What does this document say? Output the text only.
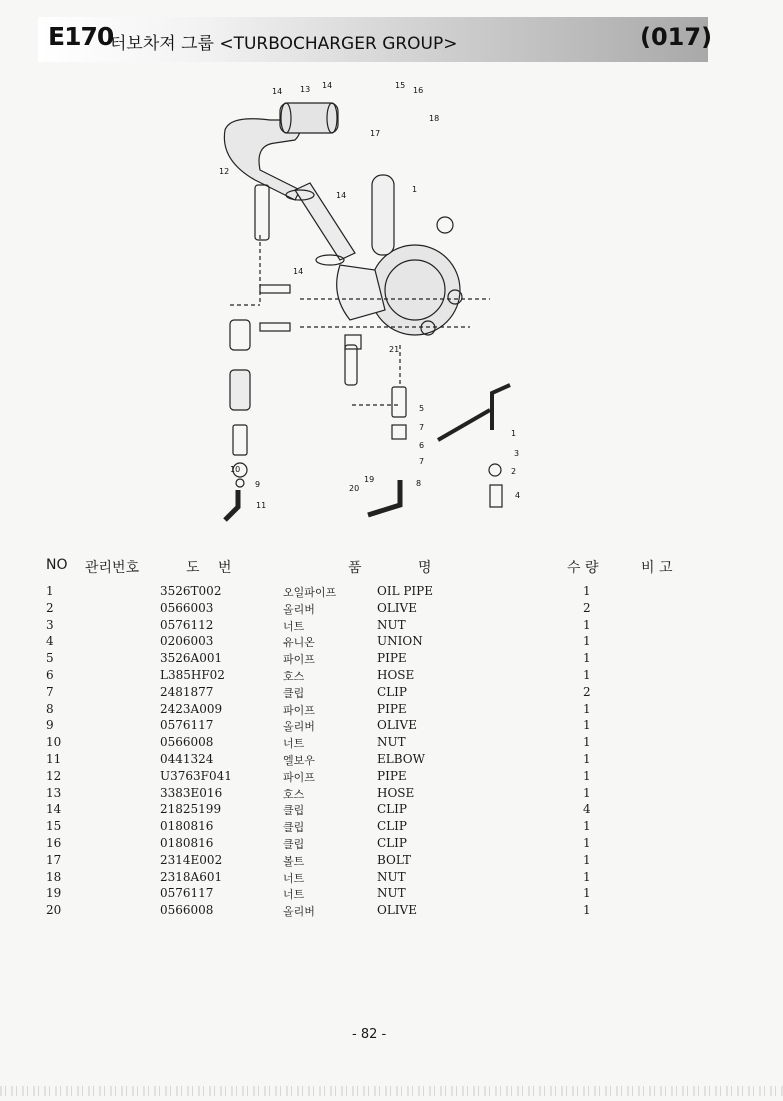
E170
터보차져 그룹 <TURBOCHARGER GROUP>	(017)
14 13 14	15
16
17
18
12
14
1
14
21
5
7
6
7
8
1
3
2
4
10
9
11
19
20
NO 관리번호	도 번	품	명	수 량	비 고
1	3526T002	오일파이프	OIL PIPE	1
2	0566003	올리버	OLIVE	2
3	0576112	너트	NUT	1
4	0206003	유니온	UNION	1
5	3526A001	파이프	PIPE	1
6	L385HF02	호스	HOSE	1
7	2481877	클립	CLIP	2
8	2423A009	파이프	PIPE	1
9	0576117	올리버	OLIVE	1
10	0566008	너트	NUT	1
11	0441324	엘보우	ELBOW	1
12	U3763F041	파이프	PIPE	1
13	3383E016	호스	HOSE	1
14	21825199	클립	CLIP	4
15	0180816	클립	CLIP	1
16	0180816	클립	CLIP	1
17	2314E002	볼트	BOLT	1
18	2318A601	너트	NUT	1
19	0576117	너트	NUT	1
20	0566008	올리버	OLIVE	1
- 82 -
